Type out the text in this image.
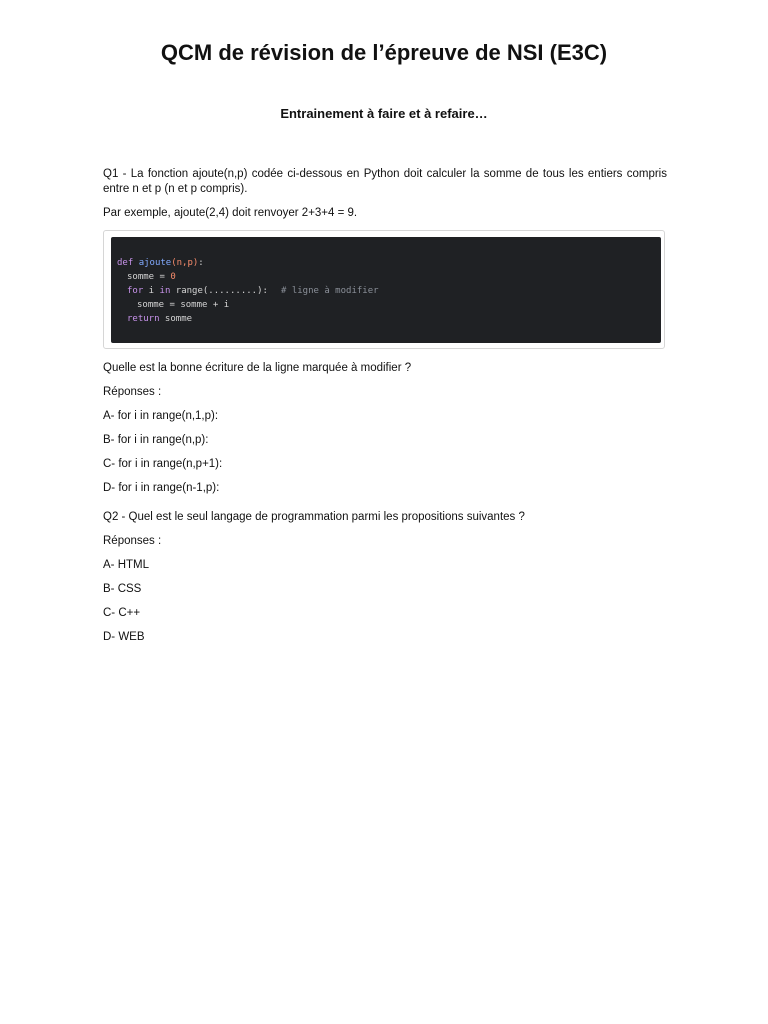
QCM de révision de l’épreuve de NSI (E3C)
Entrainement à faire et à refaire…
Q1 - La fonction ajoute(n,p) codée ci-dessous en Python doit calculer la somme de tous les entiers compris entre n et p (n et p compris).
Par exemple, ajoute(2,4) doit renvoyer 2+3+4 = 9.
def ajoute(n,p):
somme = 0
for i in range(.........): # ligne à modifier
somme = somme + i
return somme
Quelle est la bonne écriture de la ligne marquée à modifier ?
Réponses :
A- for i in range(n,1,p):
B- for i in range(n,p):
C- for i in range(n,p+1):
D- for i in range(n-1,p):
Q2 - Quel est le seul langage de programmation parmi les propositions suivantes ?
Réponses :
A- HTML
B- CSS
C- C++
D- WEB
